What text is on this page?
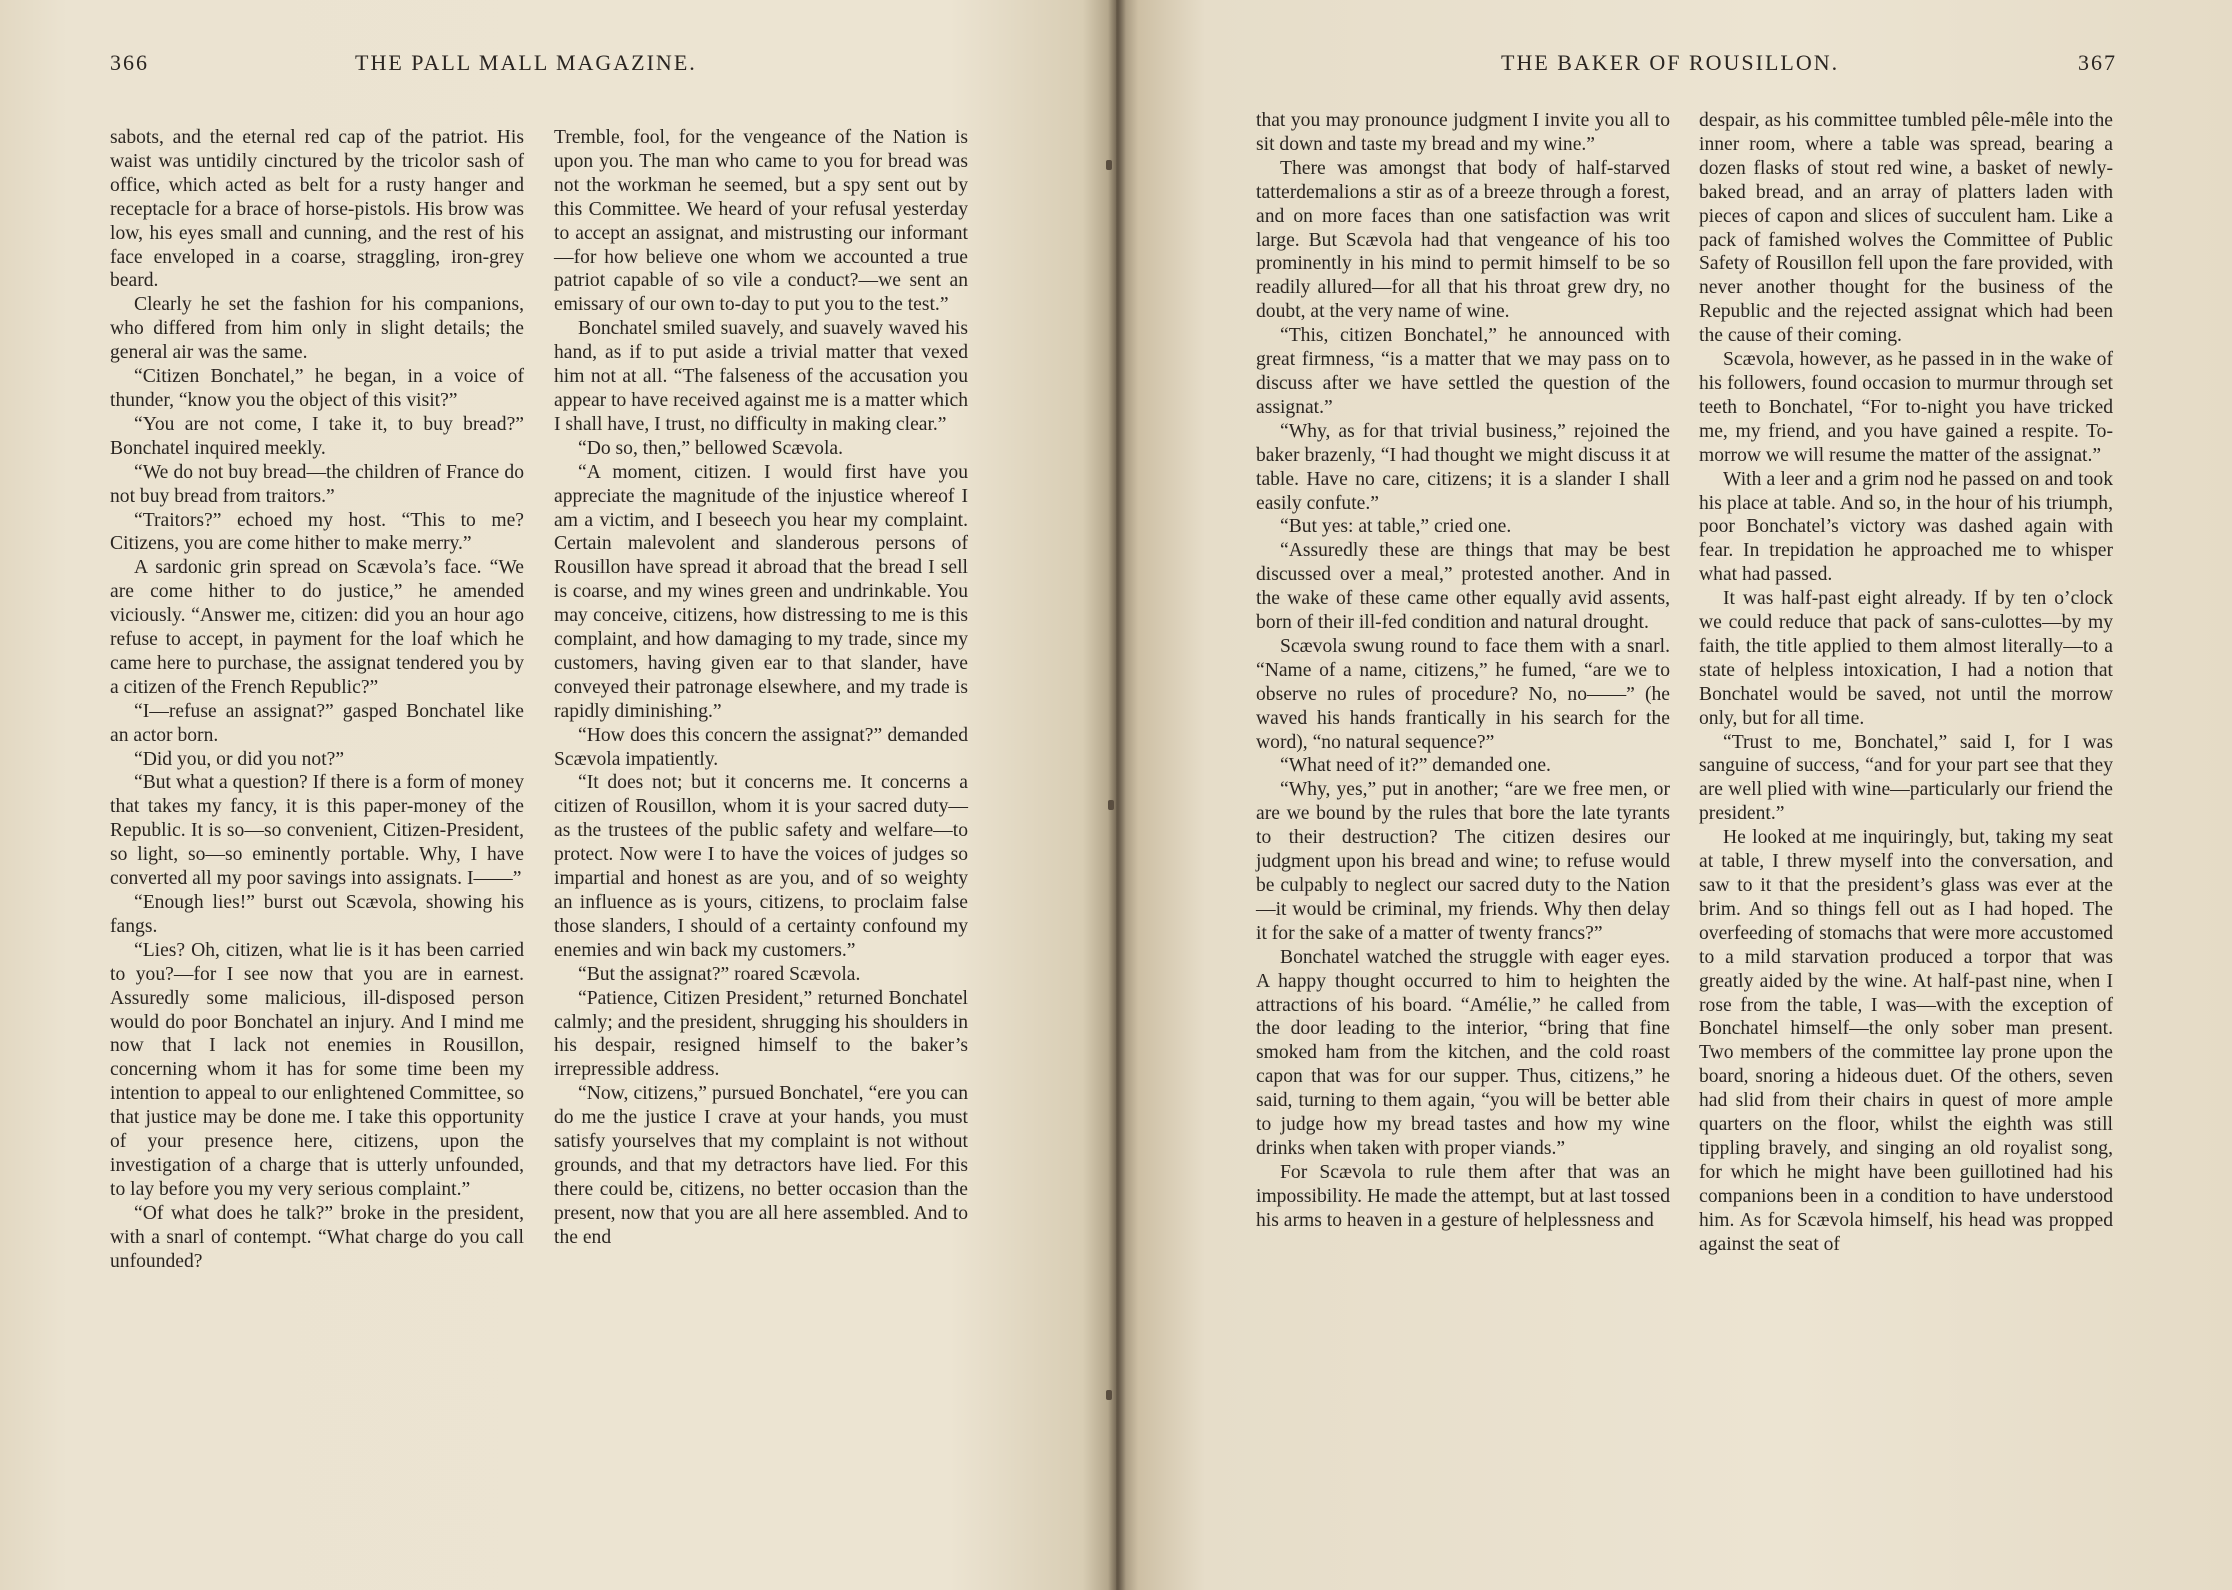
366	THE PALL MALL MAGAZINE.

sabots, and the eternal red cap of the patriot. His waist was untidily cinctured by the tricolor sash of office, which acted as belt for a rusty hanger and receptacle for a brace of horse-pistols. His brow was low, his eyes small and cunning, and the rest of his face enveloped in a coarse, straggling, iron-grey beard.

Clearly he set the fashion for his companions, who differed from him only in slight details; the general air was the same.

“Citizen Bonchatel,” he began, in a voice of thunder, “know you the object of this visit?”

“You are not come, I take it, to buy bread?” Bonchatel inquired meekly.

“We do not buy bread—the children of France do not buy bread from traitors.”

“Traitors?” echoed my host. “This to me? Citizens, you are come hither to make merry.”

A sardonic grin spread on Scævola’s face. “We are come hither to do justice,” he amended viciously. “Answer me, citizen: did you an hour ago refuse to accept, in payment for the loaf which he came here to purchase, the assignat tendered you by a citizen of the French Republic?”

“I—refuse an assignat?” gasped Bonchatel like an actor born.

“Did you, or did you not?”

“But what a question? If there is a form of money that takes my fancy, it is this paper-money of the Republic. It is so—so convenient, Citizen-President, so light, so—so eminently portable. Why, I have converted all my poor savings into assignats. I——”

“Enough lies!” burst out Scævola, showing his fangs.

“Lies? Oh, citizen, what lie is it has been carried to you?—for I see now that you are in earnest. Assuredly some malicious, ill-disposed person would do poor Bonchatel an injury. And I mind me now that I lack not enemies in Rousillon, concerning whom it has for some time been my intention to appeal to our enlightened Committee, so that justice may be done me. I take this opportunity of your presence here, citizens, upon the investigation of a charge that is utterly unfounded, to lay before you my very serious complaint.”

“Of what does he talk?” broke in the president, with a snarl of contempt. “What charge do you call unfounded?

Tremble, fool, for the vengeance of the Nation is upon you. The man who came to you for bread was not the workman he seemed, but a spy sent out by this Committee. We heard of your refusal yesterday to accept an assignat, and mistrusting our informant—for how believe one whom we accounted a true patriot capable of so vile a conduct?—we sent an emissary of our own to-day to put you to the test.”

Bonchatel smiled suavely, and suavely waved his hand, as if to put aside a trivial matter that vexed him not at all. “The falseness of the accusation you appear to have received against me is a matter which I shall have, I trust, no difficulty in making clear.”

“Do so, then,” bellowed Scævola.

“A moment, citizen. I would first have you appreciate the magnitude of the injustice whereof I am a victim, and I beseech you hear my complaint. Certain malevolent and slanderous persons of Rousillon have spread it abroad that the bread I sell is coarse, and my wines green and undrinkable. You may conceive, citizens, how distressing to me is this complaint, and how damaging to my trade, since my customers, having given ear to that slander, have conveyed their patronage elsewhere, and my trade is rapidly diminishing.”

“How does this concern the assignat?” demanded Scævola impatiently.

“It does not; but it concerns me. It concerns a citizen of Rousillon, whom it is your sacred duty—as the trustees of the public safety and welfare—to protect. Now were I to have the voices of judges so impartial and honest as are you, and of so weighty an influence as is yours, citizens, to proclaim false those slanders, I should of a certainty confound my enemies and win back my customers.”

“But the assignat?” roared Scævola.

“Patience, Citizen President,” returned Bonchatel calmly; and the president, shrugging his shoulders in his despair, resigned himself to the baker’s irrepressible address.

“Now, citizens,” pursued Bonchatel, “ere you can do me the justice I crave at your hands, you must satisfy yourselves that my complaint is not without grounds, and that my detractors have lied. For this there could be, citizens, no better occasion than the present, now that you are all here assembled. And to the end

THE BAKER OF ROUSILLON.	367

that you may pronounce judgment I invite you all to sit down and taste my bread and my wine.”

There was amongst that body of half-starved tatterdemalions a stir as of a breeze through a forest, and on more faces than one satisfaction was writ large. But Scævola had that vengeance of his too prominently in his mind to permit himself to be so readily allured—for all that his throat grew dry, no doubt, at the very name of wine.

“This, citizen Bonchatel,” he announced with great firmness, “is a matter that we may pass on to discuss after we have settled the question of the assignat.”

“Why, as for that trivial business,” rejoined the baker brazenly, “I had thought we might discuss it at table. Have no care, citizens; it is a slander I shall easily confute.”

“But yes: at table,” cried one.

“Assuredly these are things that may be best discussed over a meal,” protested another. And in the wake of these came other equally avid assents, born of their ill-fed condition and natural drought.

Scævola swung round to face them with a snarl. “Name of a name, citizens,” he fumed, “are we to observe no rules of procedure? No, no——” (he waved his hands frantically in his search for the word), “no natural sequence?”

“What need of it?” demanded one.

“Why, yes,” put in another; “are we free men, or are we bound by the rules that bore the late tyrants to their destruction? The citizen desires our judgment upon his bread and wine; to refuse would be culpably to neglect our sacred duty to the Nation—it would be criminal, my friends. Why then delay it for the sake of a matter of twenty francs?”

Bonchatel watched the struggle with eager eyes. A happy thought occurred to him to heighten the attractions of his board. “Amélie,” he called from the door leading to the interior, “bring that fine smoked ham from the kitchen, and the cold roast capon that was for our supper. Thus, citizens,” he said, turning to them again, “you will be better able to judge how my bread tastes and how my wine drinks when taken with proper viands.”

For Scævola to rule them after that was an impossibility. He made the attempt, but at last tossed his arms to heaven in a gesture of helplessness and

despair, as his committee tumbled pêle-mêle into the inner room, where a table was spread, bearing a dozen flasks of stout red wine, a basket of newly-baked bread, and an array of platters laden with pieces of capon and slices of succulent ham. Like a pack of famished wolves the Committee of Public Safety of Rousillon fell upon the fare provided, with never another thought for the business of the Republic and the rejected assignat which had been the cause of their coming.

Scævola, however, as he passed in in the wake of his followers, found occasion to murmur through set teeth to Bonchatel, “For to-night you have tricked me, my friend, and you have gained a respite. To-morrow we will resume the matter of the assignat.”

With a leer and a grim nod he passed on and took his place at table. And so, in the hour of his triumph, poor Bonchatel’s victory was dashed again with fear. In trepidation he approached me to whisper what had passed.

It was half-past eight already. If by ten o’clock we could reduce that pack of sans-culottes—by my faith, the title applied to them almost literally—to a state of helpless intoxication, I had a notion that Bonchatel would be saved, not until the morrow only, but for all time.

“Trust to me, Bonchatel,” said I, for I was sanguine of success, “and for your part see that they are well plied with wine—particularly our friend the president.”

He looked at me inquiringly, but, taking my seat at table, I threw myself into the conversation, and saw to it that the president’s glass was ever at the brim. And so things fell out as I had hoped. The overfeeding of stomachs that were more accustomed to a mild starvation produced a torpor that was greatly aided by the wine. At half-past nine, when I rose from the table, I was—with the exception of Bonchatel himself—the only sober man present. Two members of the committee lay prone upon the board, snoring a hideous duet. Of the others, seven had slid from their chairs in quest of more ample quarters on the floor, whilst the eighth was still tippling bravely, and singing an old royalist song, for which he might have been guillotined had his companions been in a condition to have understood him. As for Scævola himself, his head was propped against the seat of
